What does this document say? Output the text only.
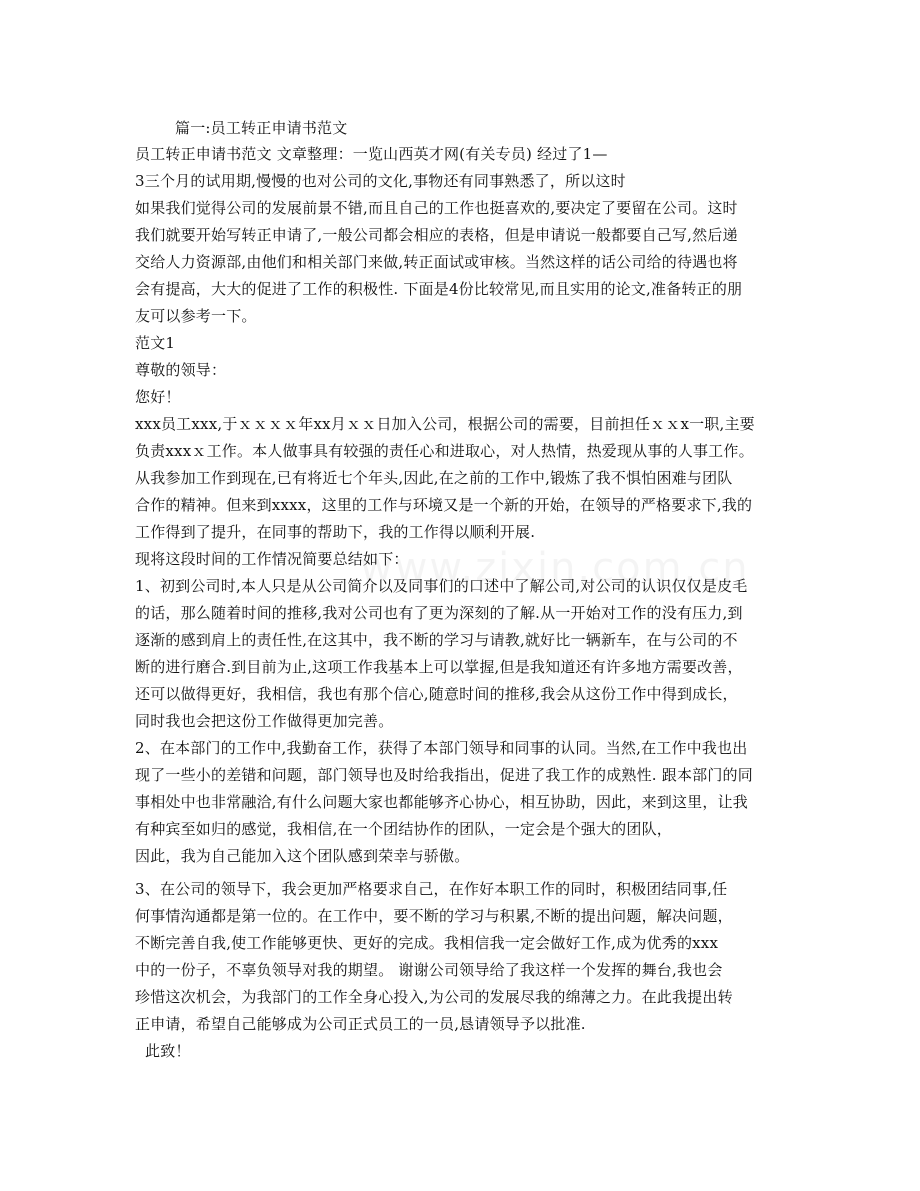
篇一:员工转正申请书范文
员工转正申请书范文 文章整理：一览山西英才网(有关专员) 经过了1—
3三个月的试用期,慢慢的也对公司的文化,事物还有同事熟悉了，所以这时
如果我们觉得公司的发展前景不错,而且自己的工作也挺喜欢的,要决定了要留在公司。这时
我们就要开始写转正申请了,一般公司都会相应的表格，但是申请说一般都要自己写,然后递
交给人力资源部,由他们和相关部门来做,转正面试或审核。当然这样的话公司给的待遇也将
会有提高，大大的促进了工作的积极性. 下面是4份比较常见,而且实用的论文,准备转正的朋
友可以参考一下。
范文1
尊敬的领导：
您好！
xxx员工xxx,于ｘｘｘｘ年xx月ｘｘ日加入公司，根据公司的需要，目前担任ｘｘx一职,主要
负责xxxｘ工作。本人做事具有较强的责任心和进取心，对人热情，热爱现从事的人事工作。
从我参加工作到现在,已有将近七个年头,因此,在之前的工作中,锻炼了我不惧怕困难与团队
合作的精神。但来到xxxx，这里的工作与环境又是一个新的开始，在领导的严格要求下,我的
工作得到了提升，在同事的帮助下，我的工作得以顺利开展.
现将这段时间的工作情况简要总结如下：
1、初到公司时,本人只是从公司简介以及同事们的口述中了解公司,对公司的认识仅仅是皮毛
的话，那么随着时间的推移,我对公司也有了更为深刻的了解.从一开始对工作的没有压力,到
逐渐的感到肩上的责任性,在这其中，我不断的学习与请教,就好比一辆新车，在与公司的不
断的进行磨合.到目前为止,这项工作我基本上可以掌握,但是我知道还有许多地方需要改善，
还可以做得更好，我相信，我也有那个信心,随意时间的推移,我会从这份工作中得到成长，
同时我也会把这份工作做得更加完善。
2、在本部门的工作中,我勤奋工作，获得了本部门领导和同事的认同。当然,在工作中我也出
现了一些小的差错和问题，部门领导也及时给我指出，促进了我工作的成熟性. 跟本部门的同
事相处中也非常融洽,有什么问题大家也都能够齐心协心，相互协助，因此，来到这里，让我
有种宾至如归的感觉，我相信,在一个团结协作的团队，一定会是个强大的团队，
因此，我为自己能加入这个团队感到荣幸与骄傲。
3、在公司的领导下，我会更加严格要求自己，在作好本职工作的同时，积极团结同事,任
何事情沟通都是第一位的。在工作中，要不断的学习与积累,不断的提出问题，解决问题，
不断完善自我,使工作能够更快、更好的完成。我相信我一定会做好工作,成为优秀的xxx
中的一份子，不辜负领导对我的期望。 谢谢公司领导给了我这样一个发挥的舞台,我也会
珍惜这次机会，为我部门的工作全身心投入,为公司的发展尽我的绵薄之力。在此我提出转
正申请，希望自己能够成为公司正式员工的一员,恳请领导予以批准.
此致！
